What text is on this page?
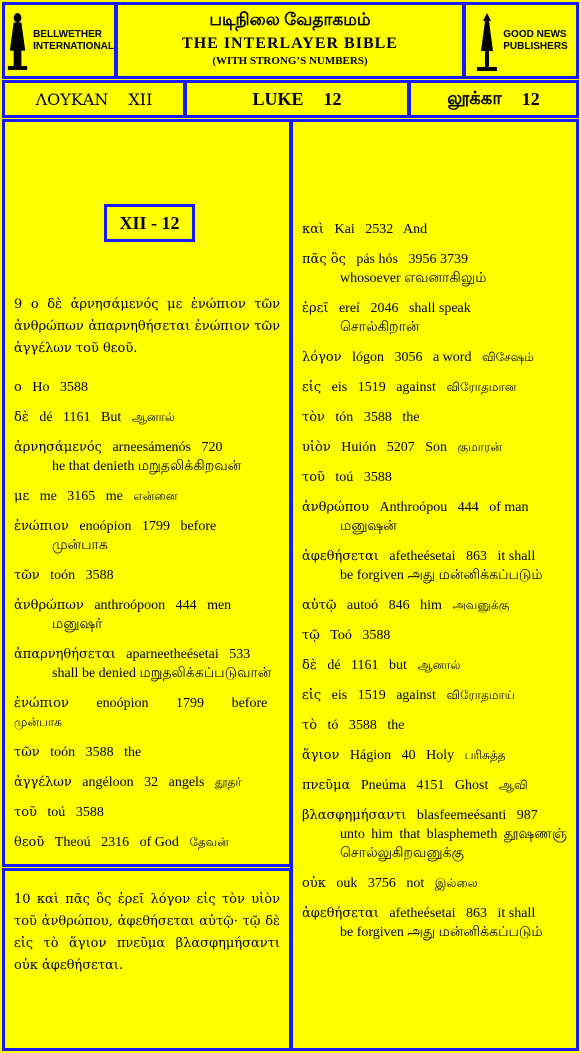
BELLWETHER
INTERNATIONAL
படிநிலை வேதாகமம்
THE INTERLAYER BIBLE
(WITH STRONG’S NUMBERS)
GOOD NEWS
PUBLISHERS
ΛΟΥΚΑΝ XII	LUKE 12	லூக்கா 12
9 ο δὲ ἀρνησάμενός με ἐνώπιον τῶν ἀνθρώπων ἀπαρνηθήσεται ἐνώπιον τῶν ἀγγέλων τοῦ θεοῦ.
ο Ho 3588
δὲ dé 1161 But ஆனால்
ἀρνησάμενός arneesámenós 720
he that denieth மறுதலிக்கிறவன்
με me 3165 me என்னை
ἐνώπιον enoópion 1799 before
முன்பாக
τῶν toón 3588
ἀνθρώπων anthroópoon 444 men
மனுஷர்
ἀπαρνηθήσεται aparneetheésetai 533
shall be denied மறுதலிக்கப்படுவான்
ἐνώπιον enoópion 1799 before   முன்பாக
τῶν toón 3588 the
ἀγγέλων angéloon 32 angels தூதர்
τοῦ toú 3588
θεοῦ Theoú 2316 of God தேவன்
XII - 12
10 καὶ πᾶς ὃς ἐρεῖ λόγον εἰς τὸν υἱὸν τοῦ ἀνθρώπου, ἀφεθήσεται αὐτῷ· τῷ δὲ εἰς τὸ ἅγιον πνεῦμα βλασφημήσαντι οὐκ ἀφεθήσεται.
καὶ Kai 2532 And
πᾶς ὃς pás hós 3956 3739
whosoever எவனாகிலும்
ἐρεῖ ereí 2046 shall speak
சொல்கிறான்
λόγον lógon 3056 a word விசேஷம்
εἰς eis 1519 against விரோதமான
τὸν tón 3588 the
υἱὸν Huión 5207 Son குமாரன்
τοῦ toú 3588
ἀνθρώπου Anthroópou 444 of man
மனுஷன்
ἀφεθήσεται afetheésetai 863 it shall
be forgiven அது மன்னிக்கப்படும்
αὐτῷ autoó 846 him அவனுக்கு
τῷ Toó 3588
δὲ dé 1161 but ஆனால்
εἰς eis 1519 against விரோதமாய்
τὸ tó 3588 the
ἅγιον Hágion 40 Holy பரிசுத்த
πνεῦμα Pneúma 4151 Ghost ஆவி
βλασφημήσαντι blasfeemeésanti 987
unto him that blasphemeth தூஷணஞ் சொல்லுகிறவனுக்கு
οὐκ ouk 3756 not இல்லை
ἀφεθήσεται afetheésetai 863 it shall
be forgiven அது மன்னிக்கப்படும்
